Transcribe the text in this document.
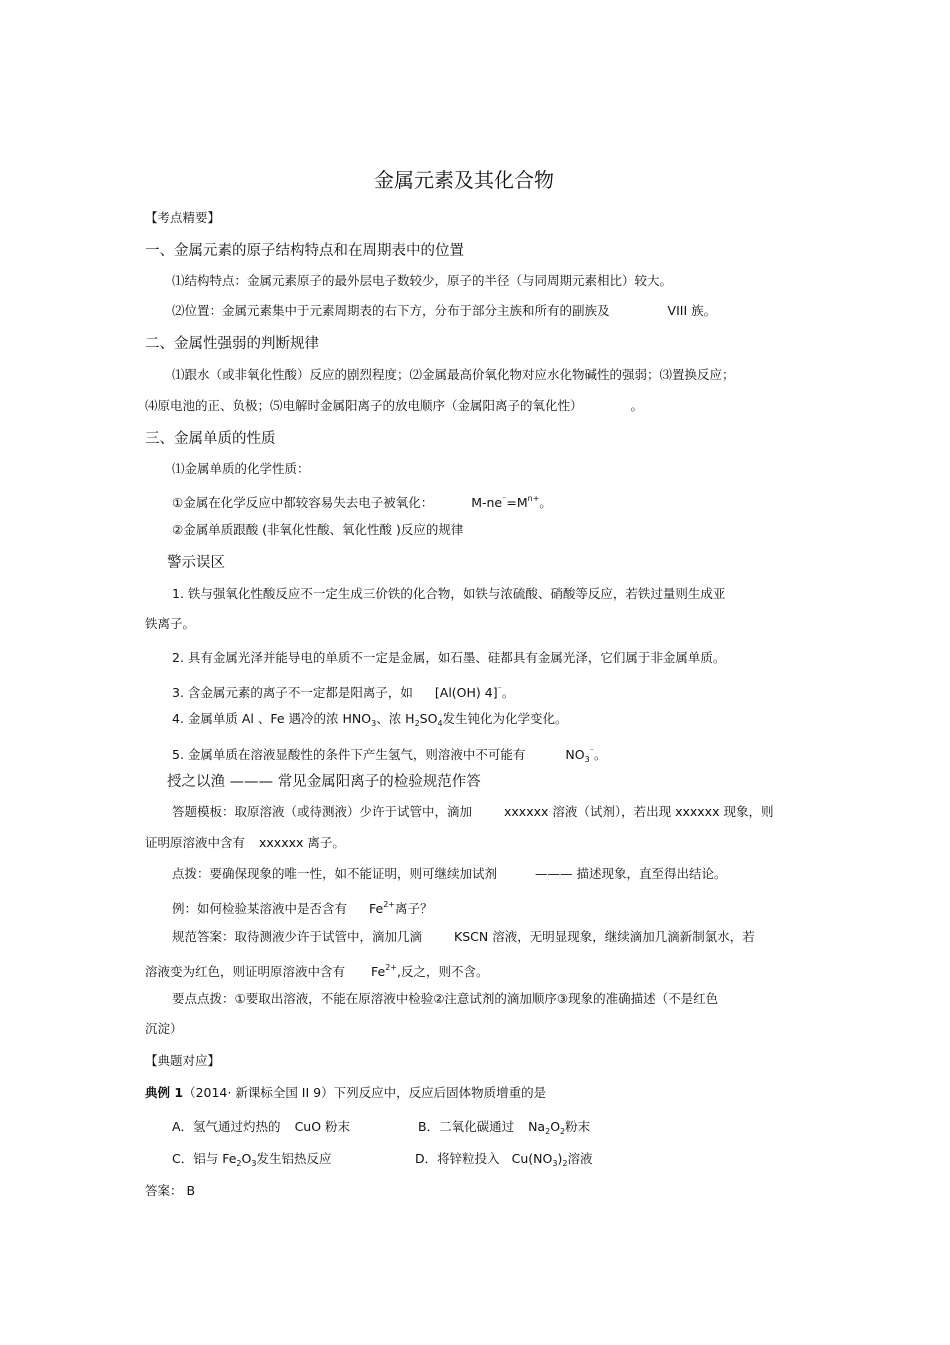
金属元素及其化合物
【考点精要】
一、金属元素的原子结构特点和在周期表中的位置
⑴结构特点：金属元素原子的最外层电子数较少，原子的半径（与同周期元素相比）较大。
⑵位置：金属元素集中于元素周期表的右下方，分布于部分主族和所有的副族及	VIII 族。
二、金属性强弱的判断规律
⑴跟水（或非氧化性酸）反应的剧烈程度；⑵金属最高价氧化物对应水化物碱性的强弱；⑶置换反应；
⑷原电池的正、负极；⑸电解时金属阳离子的放电顺序（金属阳离子的氧化性）	。
三、金属单质的性质
⑴金属单质的化学性质：
①金属在化学反应中都较容易失去电子被氧化：	$M-ne^{^-}=M^{n+}$。
②金属单质跟酸 (非氧化性酸、氧化性酸 )反应的规律
警示误区
1. 铁与强氧化性酸反应不一定生成三价铁的化合物，如铁与浓硫酸、硝酸等反应，若铁过量则生成亚
铁离子。
2. 具有金属光泽并能导电的单质不一定是金属，如石墨、硅都具有金属光泽，它们属于非金属单质。
3. 含金属元素的离子不一定都是阳离子，如 [Al(OH) 4]⁻。
4. 金属单质 Al 、Fe 遇冷的浓 $HNO_3$、浓 $H_2SO_4$发生钝化为化学变化。
5. 金属单质在溶液显酸性的条件下产生氢气，则溶液中不可能有	$NO_3^{^-}$。
授之以渔 ——— 常见金属阳离子的检验规范作答
答题模板：取原溶液（或待测液）少许于试管中，滴加	xxxxxx 溶液（试剂），若出现 xxxxxx 现象，则
证明原溶液中含有 xxxxxx 离子。
点拨：要确保现象的唯一性，如不能证明，则可继续加试剂	——— 描述现象，直至得出结论。
例：如何检验某溶液中是否含有 $Fe^{2+}$离子？
规范答案：取待测液少许于试管中，滴加几滴	KSCN 溶液，无明显现象，继续滴加几滴新制氯水，若
溶液变为红色，则证明原溶液中含有 $Fe^{2+}$,反之，则不含。
要点点拨：①要取出溶液，不能在原溶液中检验②注意试剂的滴加顺序③现象的准确描述（不是红色
沉淀）
【典题对应】
典例 1（2014· 新课标全国 II 9）下列反应中，反应后固体物质增重的是
A．氢气通过灼热的 CuO 粉末	B．二氧化碳通过 $Na_2O_2$粉末
C．铝与 $Fe_2O_3$发生铝热反应	D．将锌粒投入 $Cu(NO_3)_2$溶液
答案： B
